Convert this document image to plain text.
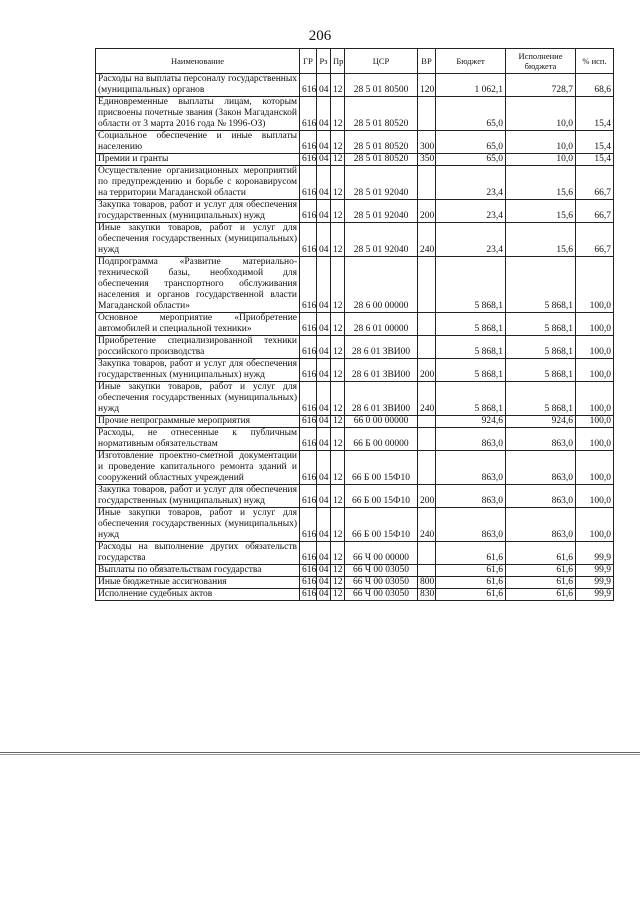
206
Наименование	ГР	Рз	Пр	ЦСР	ВР	Бюджет	Исполнение бюджета	% исп.
Расходы на выплаты персоналу государственных (муниципальных) органов	616	04	12	28 5 01 80500	120	1 062,1	728,7	68,6
Единовременные выплаты лицам, которым присвоены почетные звания (Закон Магаданской области от 3 марта 2016 года № 1996-ОЗ)	616	04	12	28 5 01 80520		65,0	10,0	15,4
Социальное обеспечение и иные выплаты населению	616	04	12	28 5 01 80520	300	65,0	10,0	15,4
Премии и гранты	616	04	12	28 5 01 80520	350	65,0	10,0	15,4
Осуществление организационных мероприятий по предупреждению и борьбе с коронавирусом на территории Магаданской области	616	04	12	28 5 01 92040		23,4	15,6	66,7
Закупка товаров, работ и услуг для обеспечения государственных (муниципальных) нужд	616	04	12	28 5 01 92040	200	23,4	15,6	66,7
Иные закупки товаров, работ и услуг для обеспечения государственных (муниципальных) нужд	616	04	12	28 5 01 92040	240	23,4	15,6	66,7
Подпрограмма «Развитие материально-технической базы, необходимой для обеспечения транспортного обслуживания населения и органов государственной власти Магаданской области»	616	04	12	28 6 00 00000		5 868,1	5 868,1	100,0
Основное мероприятие «Приобретение автомобилей и специальной техники»	616	04	12	28 6 01 00000		5 868,1	5 868,1	100,0
Приобретение специализированной техники российского производства	616	04	12	28 6 01 ЗВИ00		5 868,1	5 868,1	100,0
Закупка товаров, работ и услуг для обеспечения государственных (муниципальных) нужд	616	04	12	28 6 01 ЗВИ00	200	5 868,1	5 868,1	100,0
Иные закупки товаров, работ и услуг для обеспечения государственных (муниципальных) нужд	616	04	12	28 6 01 ЗВИ00	240	5 868,1	5 868,1	100,0
Прочие непрограммные мероприятия	616	04	12	66 0 00 00000		924,6	924,6	100,0
Расходы, не отнесенные к публичным нормативным обязательствам	616	04	12	66 Б 00 00000		863,0	863,0	100,0
Изготовление проектно-сметной документации и проведение капитального ремонта зданий и сооружений областных учреждений	616	04	12	66 Б 00 15Ф10		863,0	863,0	100,0
Закупка товаров, работ и услуг для обеспечения государственных (муниципальных) нужд	616	04	12	66 Б 00 15Ф10	200	863,0	863,0	100,0
Иные закупки товаров, работ и услуг для обеспечения государственных (муниципальных) нужд	616	04	12	66 Б 00 15Ф10	240	863,0	863,0	100,0
Расходы на выполнение других обязательств государства	616	04	12	66 Ч 00 00000		61,6	61,6	99,9
Выплаты по обязательствам государства	616	04	12	66 Ч 00 03050		61,6	61,6	99,9
Иные бюджетные ассигнования	616	04	12	66 Ч 00 03050	800	61,6	61,6	99,9
Исполнение судебных актов	616	04	12	66 Ч 00 03050	830	61,6	61,6	99,9
